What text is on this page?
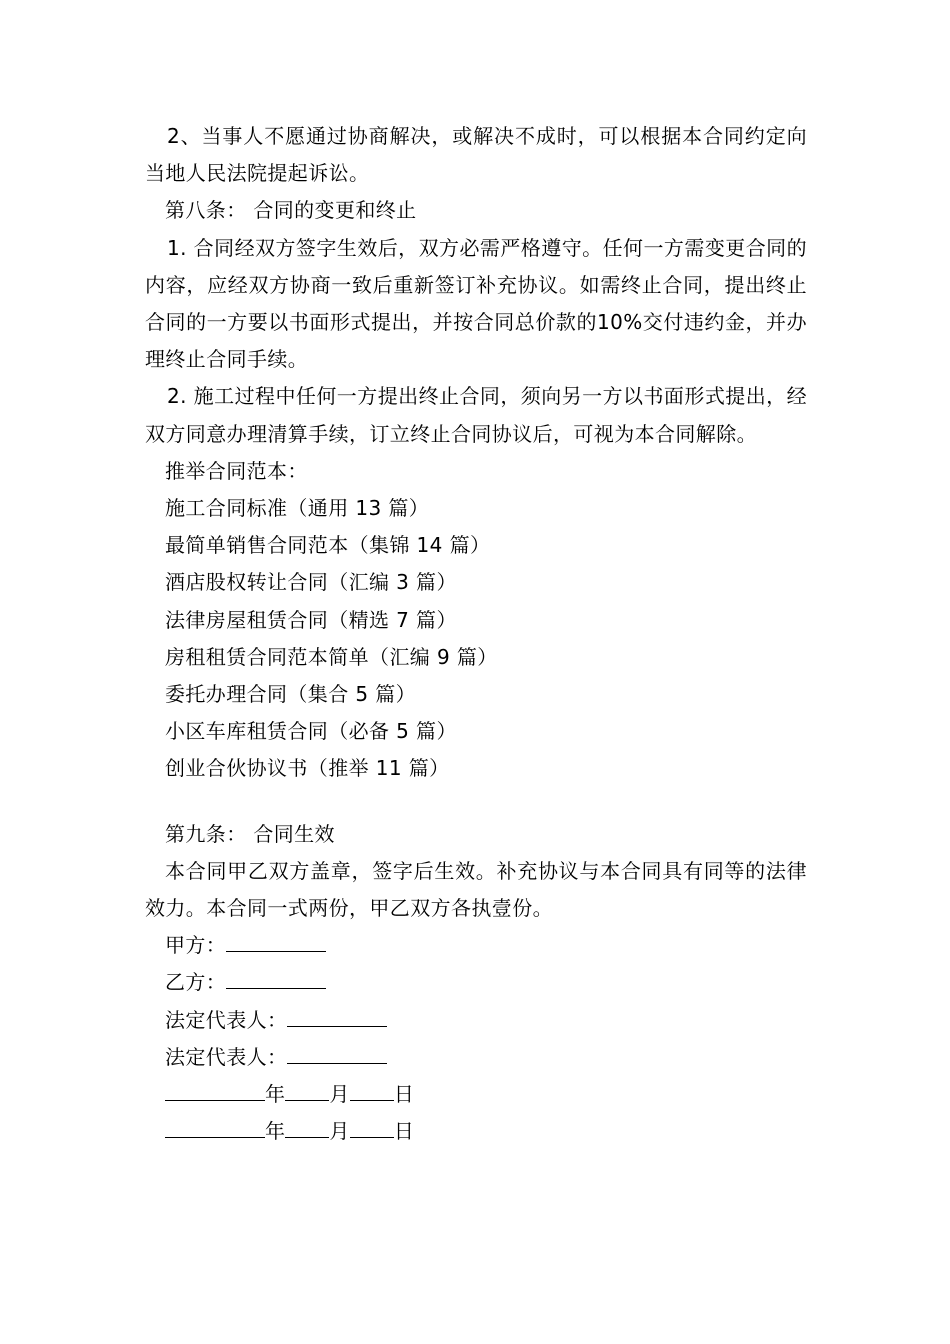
2、当事人不愿通过协商解决，或解决不成时，可以根据本合同约定向当地人民法院提起诉讼。

第八条： 合同的变更和终止

1. 合同经双方签字生效后，双方必需严格遵守。任何一方需变更合同的内容，应经双方协商一致后重新签订补充协议。如需终止合同，提出终止合同的一方要以书面形式提出，并按合同总价款的10%交付违约金，并办理终止合同手续。

2. 施工过程中任何一方提出终止合同，须向另一方以书面形式提出，经双方同意办理清算手续，订立终止合同协议后，可视为本合同解除。

推举合同范本：

施工合同标准（通用 13 篇）

最简单销售合同范本（集锦 14 篇）

酒店股权转让合同（汇编 3 篇）

法律房屋租赁合同（精选 7 篇）

房租租赁合同范本简单（汇编 9 篇）

委托办理合同（集合 5 篇）

小区车库租赁合同（必备 5 篇）

创业合伙协议书（推举 11 篇）

第九条： 合同生效

本合同甲乙双方盖章，签字后生效。补充协议与本合同具有同等的法律效力。本合同一式两份，甲乙双方各执壹份。

甲方：

乙方：

法定代表人：

法定代表人：

年 月 日

年 月 日
